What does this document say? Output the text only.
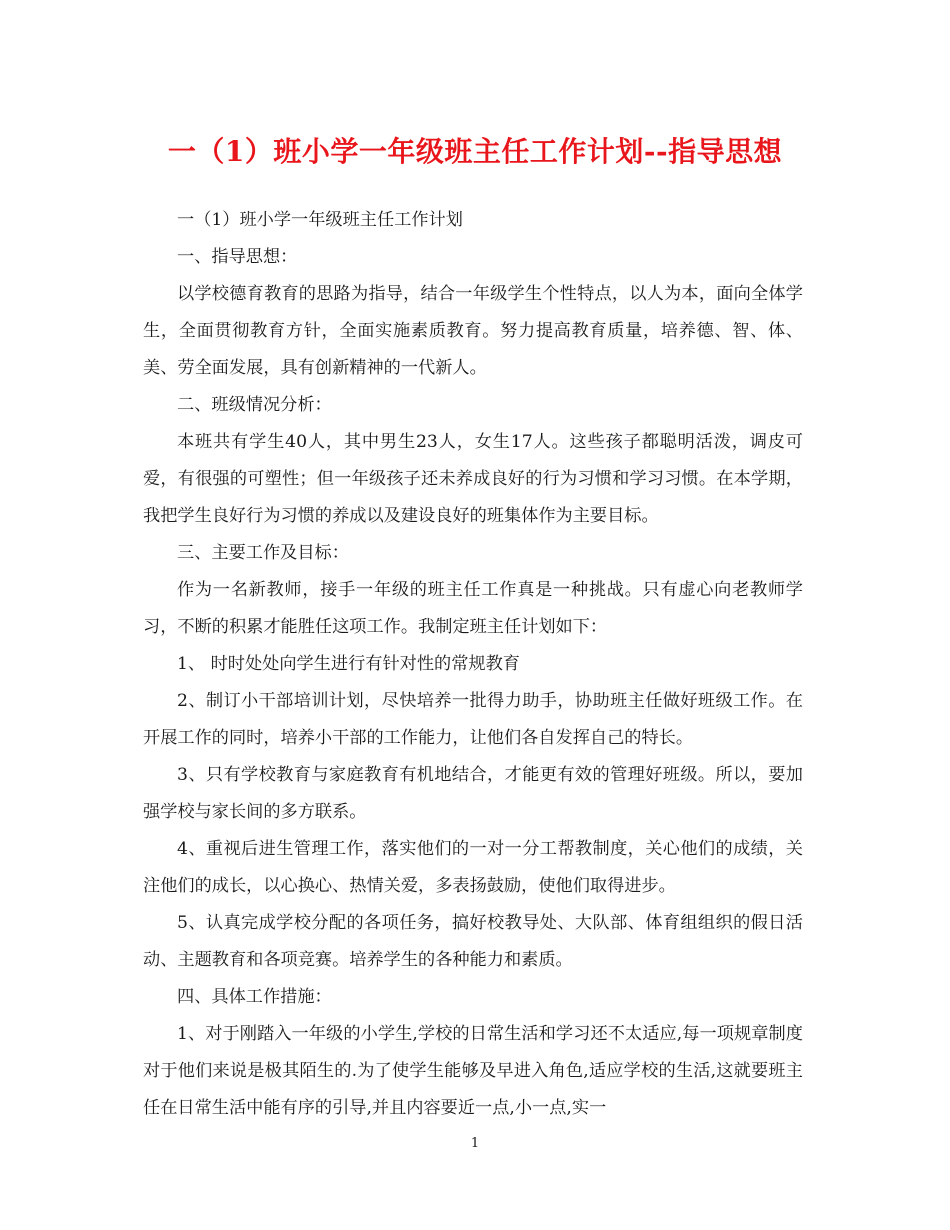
一（1）班小学一年级班主任工作计划--指导思想

一（1）班小学一年级班主任工作计划

一、指导思想：

以学校德育教育的思路为指导，结合一年级学生个性特点，以人为本，面向全体学生，全面贯彻教育方针，全面实施素质教育。努力提高教育质量，培养德、智、体、美、劳全面发展，具有创新精神的一代新人。

二、班级情况分析：

本班共有学生40人，其中男生23人，女生17人。这些孩子都聪明活泼，调皮可爱，有很强的可塑性；但一年级孩子还未养成良好的行为习惯和学习习惯。在本学期，我把学生良好行为习惯的养成以及建设良好的班集体作为主要目标。

三、主要工作及目标：

作为一名新教师，接手一年级的班主任工作真是一种挑战。只有虚心向老教师学习，不断的积累才能胜任这项工作。我制定班主任计划如下：

1、 时时处处向学生进行有针对性的常规教育

2、制订小干部培训计划，尽快培养一批得力助手，协助班主任做好班级工作。在开展工作的同时，培养小干部的工作能力，让他们各自发挥自己的特长。

3、只有学校教育与家庭教育有机地结合，才能更有效的管理好班级。所以，要加强学校与家长间的多方联系。

4、重视后进生管理工作，落实他们的一对一分工帮教制度，关心他们的成绩，关注他们的成长，以心换心、热情关爱，多表扬鼓励，使他们取得进步。

5、认真完成学校分配的各项任务，搞好校教导处、大队部、体育组组织的假日活动、主题教育和各项竞赛。培养学生的各种能力和素质。

四、具体工作措施：

1、对于刚踏入一年级的小学生,学校的日常生活和学习还不太适应,每一项规章制度对于他们来说是极其陌生的.为了使学生能够及早进入角色,适应学校的生活,这就要班主任在日常生活中能有序的引导,并且内容要近一点,小一点,实一

1
